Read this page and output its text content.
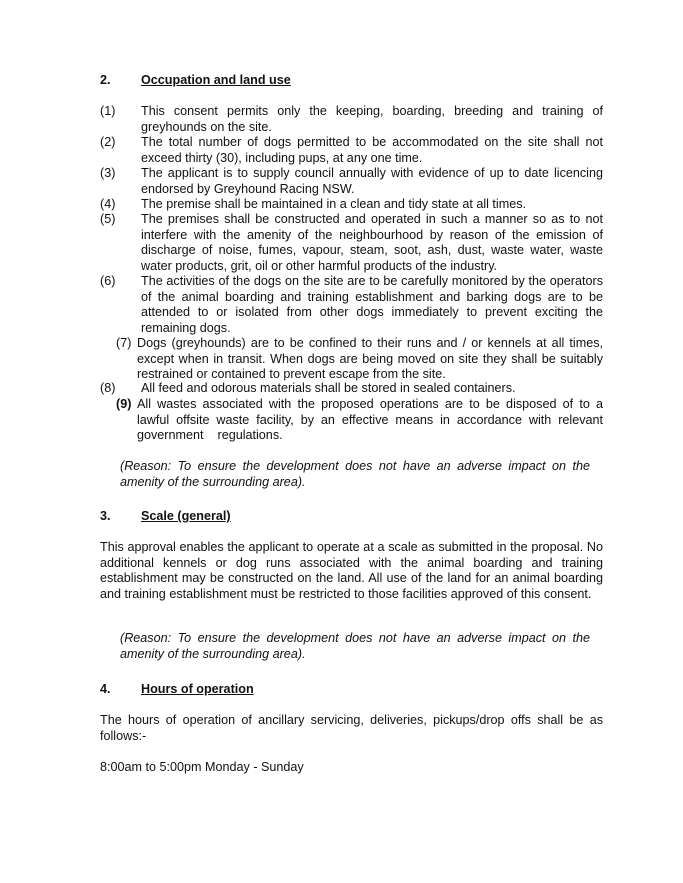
2. Occupation and land use
(1) This consent permits only the keeping, boarding, breeding and training of greyhounds on the site.
(2) The total number of dogs permitted to be accommodated on the site shall not exceed thirty (30), including pups, at any one time.
(3) The applicant is to supply council annually with evidence of up to date licencing endorsed by Greyhound Racing NSW.
(4) The premise shall be maintained in a clean and tidy state at all times.
(5) The premises shall be constructed and operated in such a manner so as to not interfere with the amenity of the neighbourhood by reason of the emission of discharge of noise, fumes, vapour, steam, soot, ash, dust, waste water, waste water products, grit, oil or other harmful products of the industry.
(6) The activities of the dogs on the site are to be carefully monitored by the operators of the animal boarding and training establishment and barking dogs are to be attended to or isolated from other dogs immediately to prevent exciting the remaining dogs.
(7) Dogs (greyhounds) are to be confined to their runs and / or kennels at all times, except when in transit. When dogs are being moved on site they shall be suitably restrained or contained to prevent escape from the site.
(8) All feed and odorous materials shall be stored in sealed containers.
(9) All wastes associated with the proposed operations are to be disposed of to a lawful offsite waste facility, by an effective means in accordance with relevant government    regulations.
(Reason: To ensure the development does not have an adverse impact on the amenity of the surrounding area).
3. Scale (general)

This approval enables the applicant to operate at a scale as submitted in the proposal. No additional kennels or dog runs associated with the animal boarding and training establishment may be constructed on the land. All use of the land for an animal boarding and training establishment must be restricted to those facilities approved of this consent.

(Reason: To ensure the development does not have an adverse impact on the amenity of the surrounding area).
4. Hours of operation

The hours of operation of ancillary servicing, deliveries, pickups/drop offs shall be as follows:-

8:00am to 5:00pm Monday - Sunday
